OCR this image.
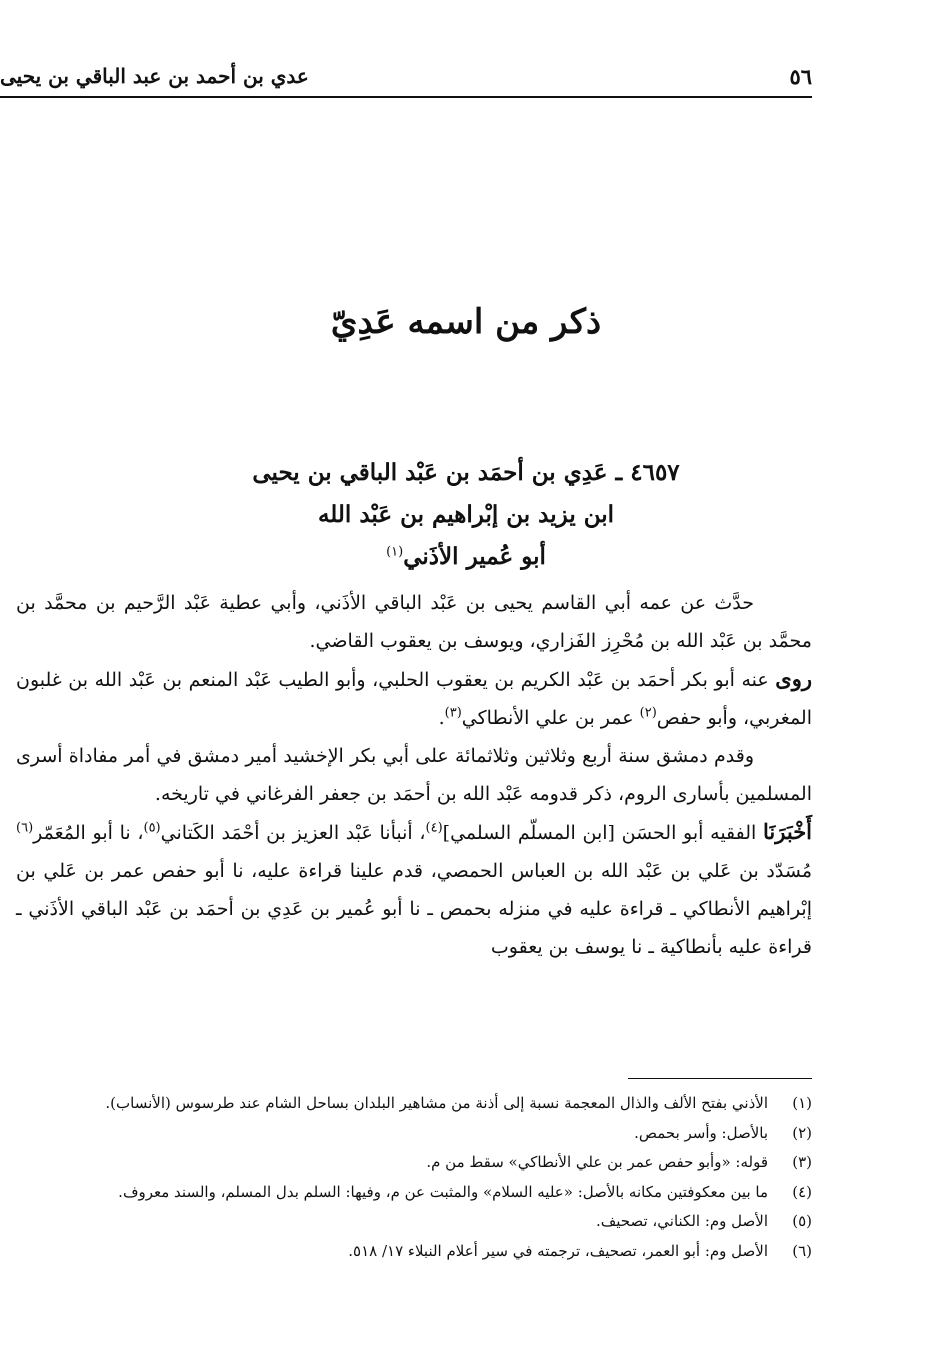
٥٦
عدي بن أحمد بن عبد الباقي بن يحيى
ذكر من اسمه عَدِيّ
٤٦٥٧ ـ عَدِي بن أحمَد بن عَبْد الباقي بن يحيى
ابن يزيد بن إبْراهيم بن عَبْد الله
أبو عُمير الأذَني$^{(١)}$

حدَّث عن عمه أبي القاسم يحيى بن عَبْد الباقي الأذَني، وأبي عطية عَبْد الرَّحيم بن محمَّد بن محمَّد بن عَبْد الله بن مُحْرِز الفَزاري، ويوسف بن يعقوب القاضي.

روى عنه أبو بكر أحمَد بن عَبْد الكريم بن يعقوب الحلبي، وأبو الطيب عَبْد المنعم بن عَبْد الله بن غلبون المغربي، وأبو حفص$^{(٢)}$ عمر بن علي الأنطاكي$^{(٣)}$.

وقدم دمشق سنة أربع وثلاثين وثلاثمائة على أبي بكر الإخشيد أمير دمشق في أمر مفاداة أسرى المسلمين بأسارى الروم، ذكر قدومه عَبْد الله بن أحمَد بن جعفر الفرغاني في تاريخه.

أَخْبَرَنَا الفقيه أبو الحسَن [ابن المسلّم السلمي]$^{(٤)}$، أنبأنا عَبْد العزيز بن أحْمَد الكَتاني$^{(٥)}$، نا أبو المُعَمّر$^{(٦)}$ مُسَدّد بن عَلي بن عَبْد الله بن العباس الحمصي، قدم علينا قراءة عليه، نا أبو حفص عمر بن عَلي بن إبْراهيم الأنطاكي ـ قراءة عليه في منزله بحمص ـ نا أبو عُمير بن عَدِي بن أحمَد بن عَبْد الباقي الأذَني ـ قراءة عليه بأنطاكية ـ نا يوسف بن يعقوب

(١)
الأذني بفتح الألف والذال المعجمة نسبة إلى أذنة من مشاهير البلدان بساحل الشام عند طرسوس (الأنساب).
(٢)
بالأصل: وأسر بحمص.
(٣)
قوله: «وأبو حفص عمر بن علي الأنطاكي» سقط من م.
(٤)
ما بين معكوفتين مكانه بالأصل: «عليه السلام» والمثبت عن م، وفيها: السلم بدل المسلم، والسند معروف.
(٥)
الأصل وم: الكناني، تصحيف.
(٦)
الأصل وم: أبو العمر، تصحيف، ترجمته في سير أعلام النبلاء ١٧/ ٥١٨.
